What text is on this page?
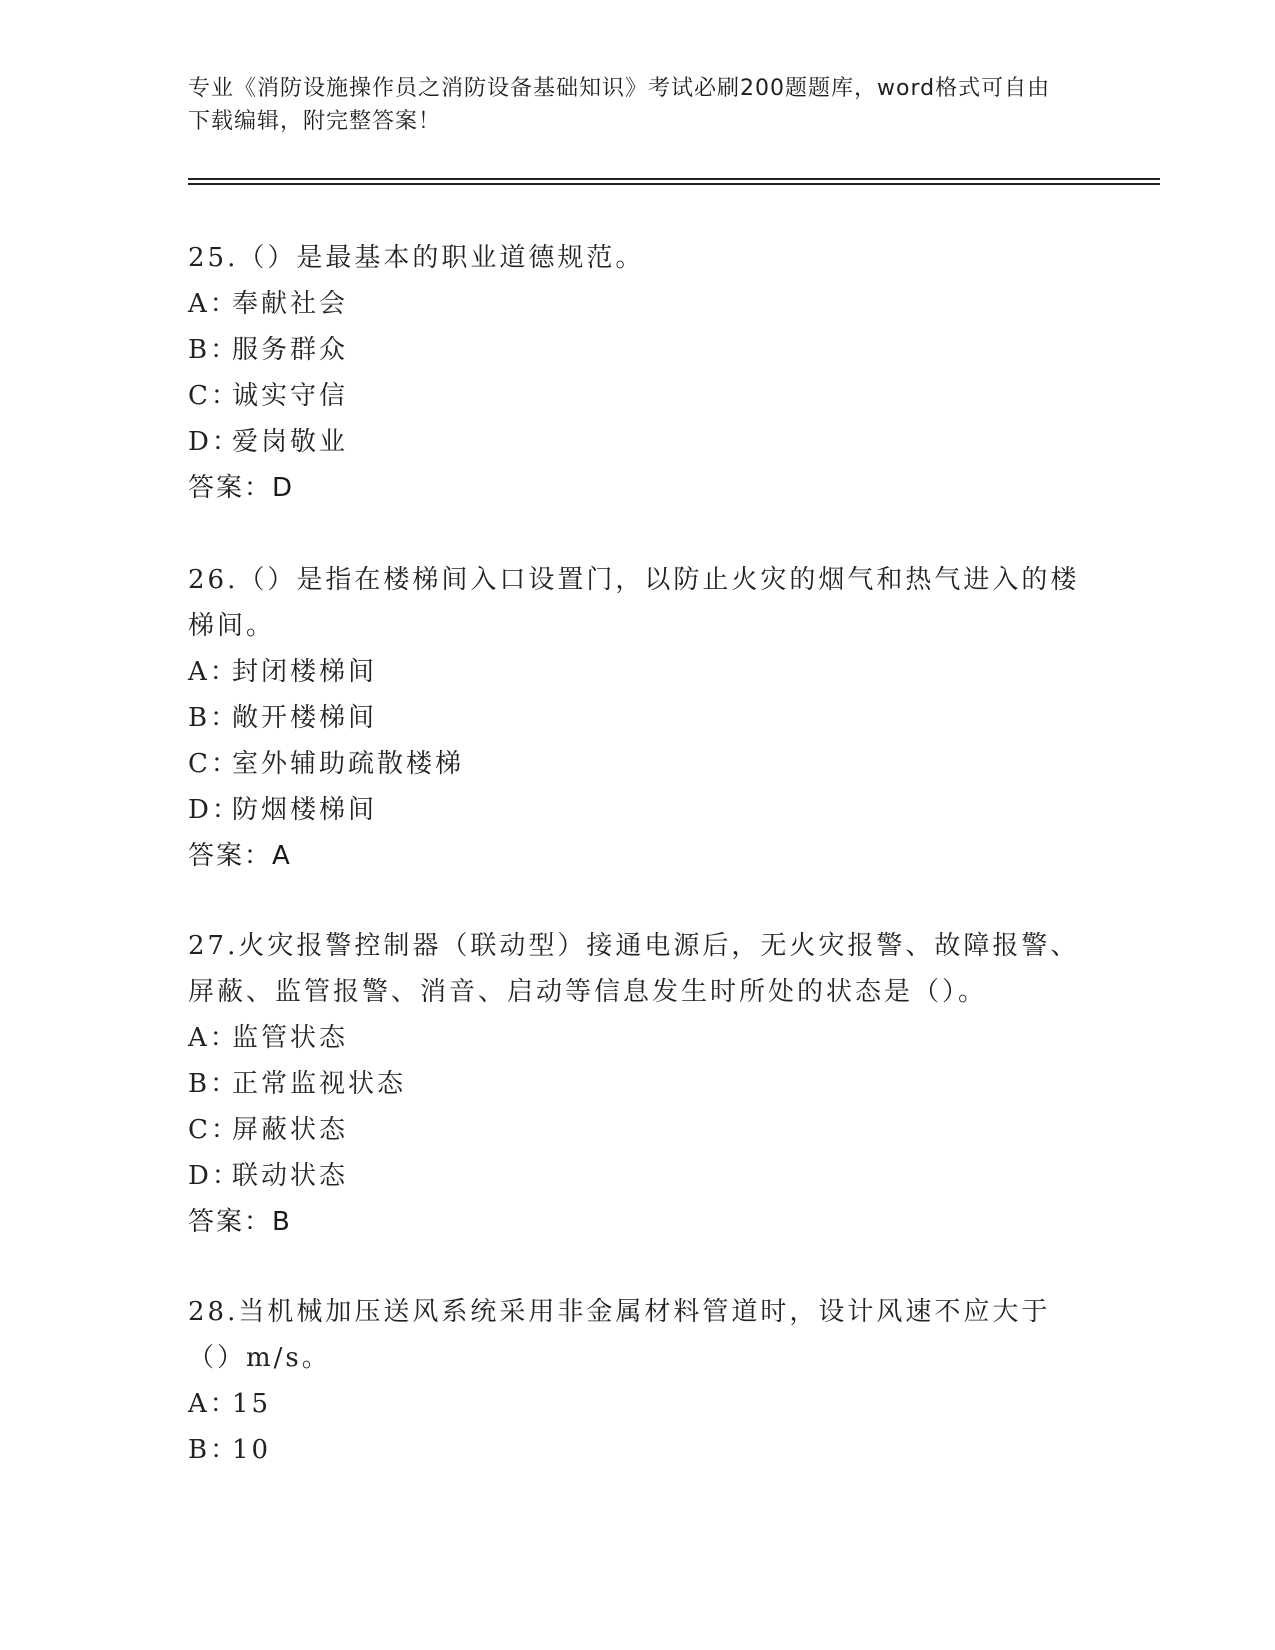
专业《消防设施操作员之消防设备基础知识》考试必刷200题题库，word格式可自由下载编辑，附完整答案！

25.（）是最基本的职业道德规范。

A：奉献社会
B：服务群众
C：诚实守信
D：爱岗敬业
答案：D

26.（）是指在楼梯间入口设置门，以防止火灾的烟气和热气进入的楼梯间。

A：封闭楼梯间
B：敞开楼梯间
C：室外辅助疏散楼梯
D：防烟楼梯间
答案：A

27.火灾报警控制器（联动型）接通电源后，无火灾报警、故障报警、屏蔽、监管报警、消音、启动等信息发生时所处的状态是（）。

A：监管状态
B：正常监视状态
C：屏蔽状态
D：联动状态
答案：B

28.当机械加压送风系统采用非金属材料管道时，设计风速不应大于（）m/s。

A：15
B：10
